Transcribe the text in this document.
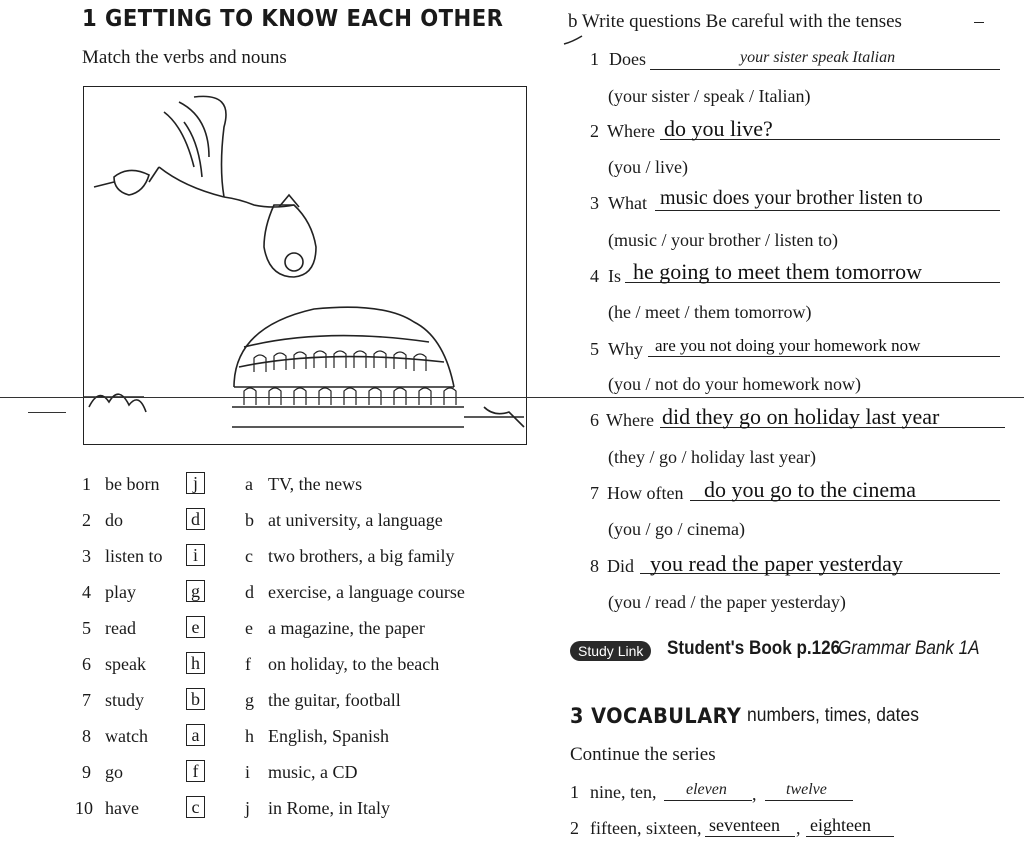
1 GETTING TO KNOW EACH OTHER
Match the verbs and nouns
1 be born	j	a TV, the news
2 do	d	b at university, a language
3 listen to	i	c two brothers, a big family
4 play	g	d exercise, a language course
5 read	e	e a magazine, the paper
6 speak	h	f on holiday, to the beach
7 study	b	g the guitar, football
8 watch	a	h English, Spanish
9 go	f	i music, a CD
10 have	c	j in Rome, in Italy
b Write questions Be careful with the tenses
1 Does	your sister speak Italian
(your sister / speak / Italian)
2 Where do you live?
(you / live)
3 What music does your brother listen to
(music / your brother / listen to)
4 Is he going to meet them tomorrow
(he / meet / them tomorrow)
5 Why are you not doing your homework now
(you / not do your homework now)
6 Where did they go on holiday last year
(they / go / holiday last year)
7 How often do you go to the cinema
(you / go / cinema)
8 Did you read the paper yesterday
(you / read / the paper yesterday)
Study Link	Student's Book p.126
Grammar Bank 1A
3 VOCABULARY numbers, times, dates
Continue the series
1 nine, ten, eleven , twelve
2 fifteen, sixteen, seventeen , eighteen
